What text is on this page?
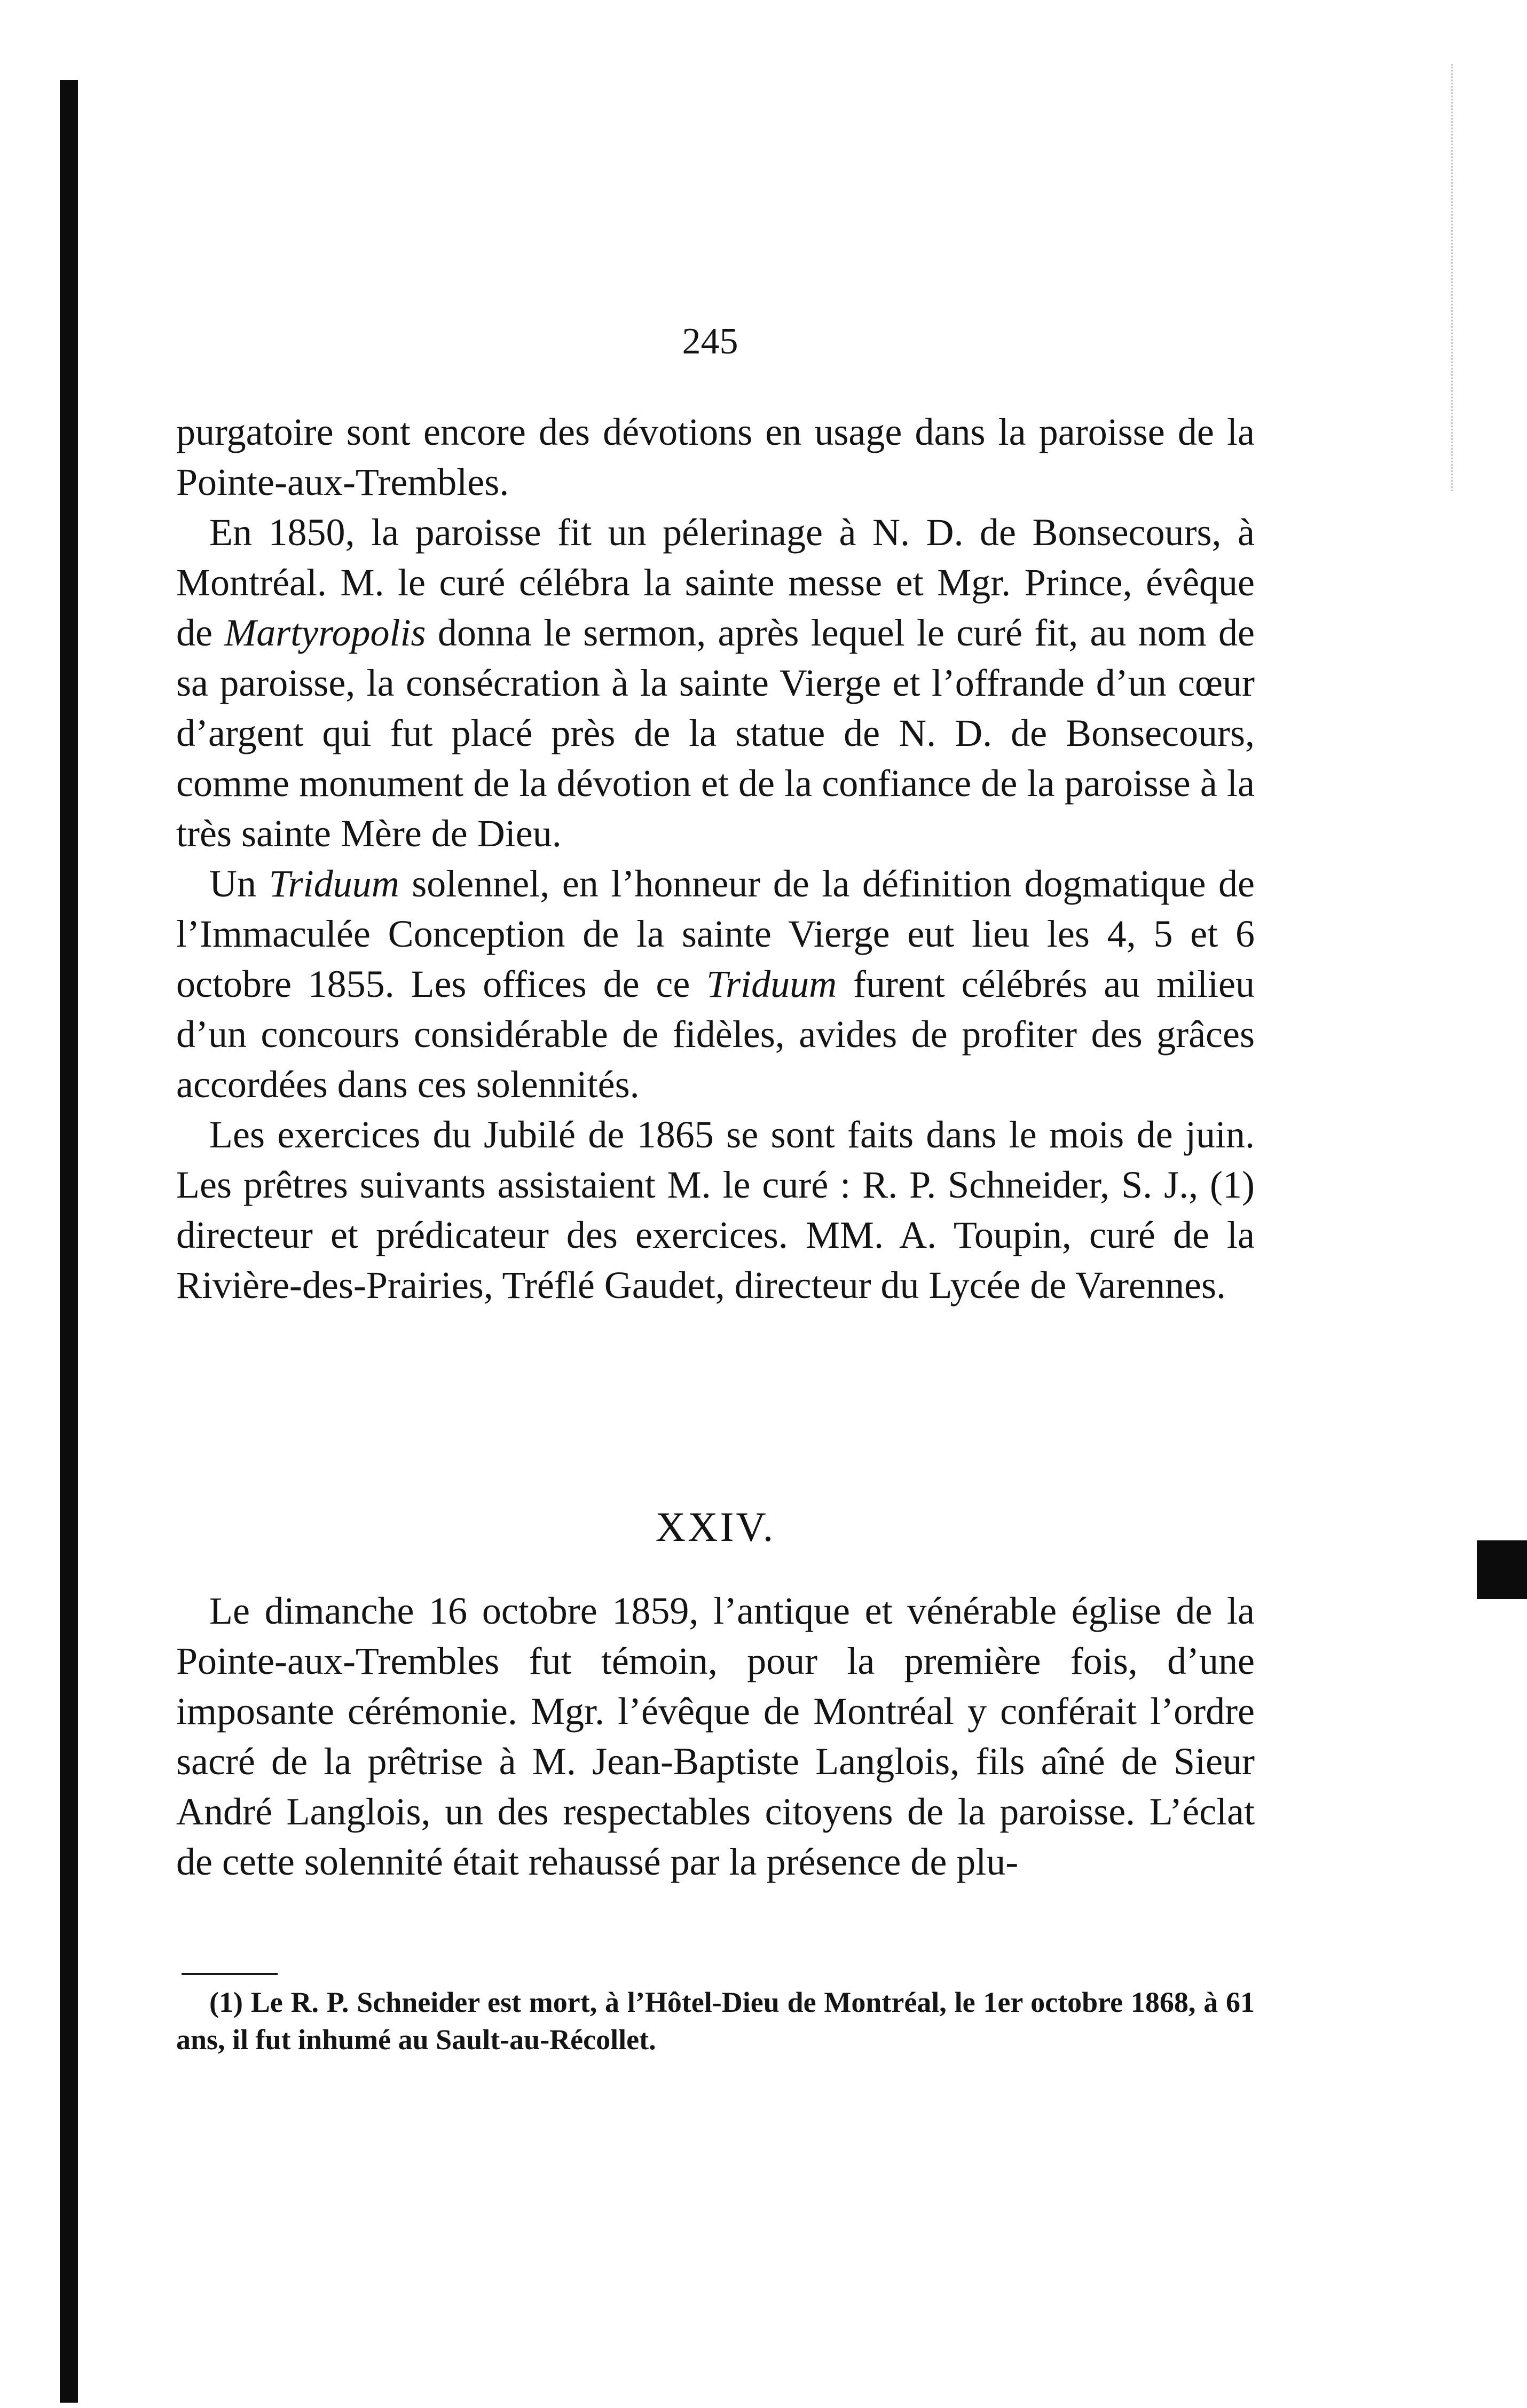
245

purgatoire sont encore des dévotions en usage dans la paroisse de la Pointe-aux-Trembles.

En 1850, la paroisse fit un pélerinage à N. D. de Bonsecours, à Montréal. M. le curé célébra la sainte messe et Mgr. Prince, évêque de Martyropolis donna le sermon, après lequel le curé fit, au nom de sa paroisse, la consécration à la sainte Vierge et l’offrande d’un cœur d’argent qui fut placé près de la statue de N. D. de Bonsecours, comme monument de la dévotion et de la confiance de la paroisse à la très sainte Mère de Dieu.

Un Triduum solennel, en l’honneur de la définition dogmatique de l’Immaculée Conception de la sainte Vierge eut lieu les 4, 5 et 6 octobre 1855. Les offices de ce Triduum furent célébrés au milieu d’un concours considérable de fidèles, avides de profiter des grâces accordées dans ces solennités.

Les exercices du Jubilé de 1865 se sont faits dans le mois de juin. Les prêtres suivants assistaient M. le curé : R. P. Schneider, S. J., (1) directeur et prédicateur des exercices. MM. A. Toupin, curé de la Rivière-des-Prairies, Tréflé Gaudet, directeur du Lycée de Varennes.

XXIV.

Le dimanche 16 octobre 1859, l’antique et vénérable église de la Pointe-aux-Trembles fut témoin, pour la première fois, d’une imposante cérémonie. Mgr. l’évêque de Montréal y conférait l’ordre sacré de la prêtrise à M. Jean-Baptiste Langlois, fils aîné de Sieur André Langlois, un des respectables citoyens de la paroisse. L’éclat de cette solennité était rehaussé par la présence de plu-

(1) Le R. P. Schneider est mort, à l’Hôtel-Dieu de Montréal, le 1er octobre 1868, à 61 ans, il fut inhumé au Sault-au-Récollet.
